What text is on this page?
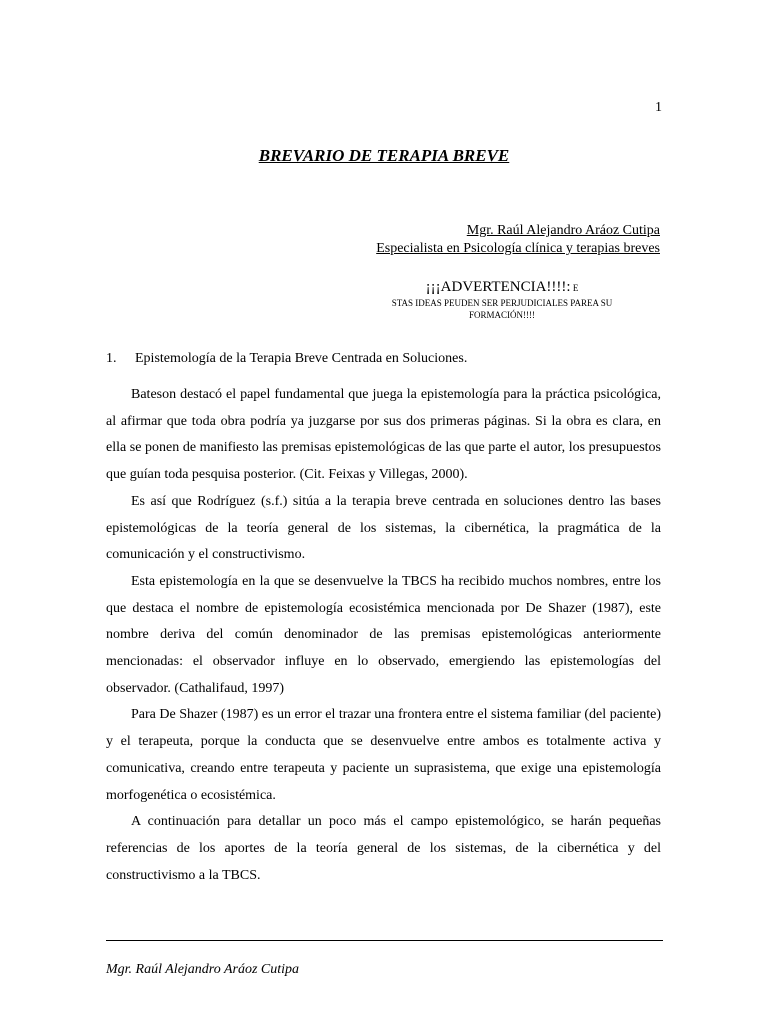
1
BREVARIO DE TERAPIA BREVE
Mgr. Raúl Alejandro Aráoz Cutipa
Especialista en Psicología clínica y terapias breves
¡¡¡ADVERTENCIA!!!!: E
STAS IDEAS PEUDEN SER PERJUDICIALES PAREA SU
FORMACIÓN!!!!
1. Epistemología de la Terapia Breve Centrada en Soluciones.

Bateson destacó el papel fundamental que juega la epistemología para la práctica psicológica, al afirmar que toda obra podría ya juzgarse por sus dos primeras páginas. Si la obra es clara, en ella se ponen de manifiesto las premisas epistemológicas de las que parte el autor, los presupuestos que guían toda pesquisa posterior. (Cit. Feixas y Villegas, 2000).

Es así que Rodríguez (s.f.) sitúa a la terapia breve centrada en soluciones dentro las bases epistemológicas de la teoría general de los sistemas, la cibernética, la pragmática de la comunicación y el constructivismo.

Esta epistemología en la que se desenvuelve la TBCS ha recibido muchos nombres, entre los que destaca el nombre de epistemología ecosistémica mencionada por De Shazer (1987), este nombre deriva del común denominador de las premisas epistemológicas anteriormente mencionadas: el observador influye en lo observado, emergiendo las epistemologías del observador. (Cathalifaud, 1997)

Para De Shazer (1987) es un error el trazar una frontera entre el sistema familiar (del paciente) y el terapeuta, porque la conducta que se desenvuelve entre ambos es totalmente activa y comunicativa, creando entre terapeuta y paciente un suprasistema, que exige una epistemología morfogenética o ecosistémica.

A continuación para detallar un poco más el campo epistemológico, se harán pequeñas referencias de los aportes de la teoría general de los sistemas, de la cibernética y del constructivismo a la TBCS.

Mgr. Raúl Alejandro Aráoz Cutipa
